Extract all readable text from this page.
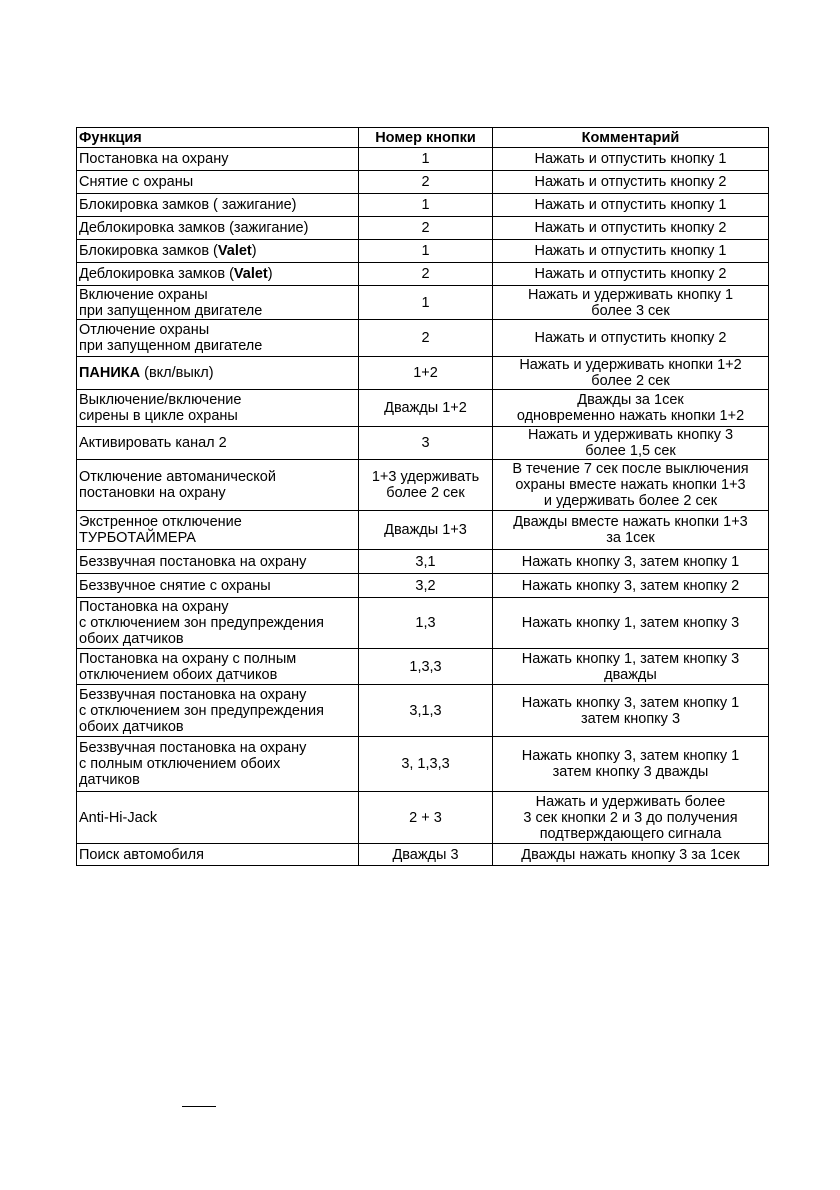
Функция	Номер кнопки	Комментарий

Постановка на охрану	1	Нажать и отпустить кнопку 1

Снятие с охраны	2	Нажать и отпустить кнопку 2

Блокировка замков ( зажигание)	1	Нажать и отпустить кнопку 1

Деблокировка замков (зажигание)	2	Нажать и отпустить кнопку 2

Блокировка замков (Valet)	1	Нажать и отпустить кнопку 1

Деблокировка замков (Valet)	2	Нажать и отпустить кнопку 2

Включение охраны
при запущенном двигателе	1	Нажать и удерживать кнопку 1
более 3 сек

Отлючение охраны
при запущенном двигателе	2	Нажать и отпустить кнопку 2

ПАНИКА (вкл/выкл)	1+2	Нажать и удерживать кнопки 1+2
более 2 сек

Выключение/включение
сирены в цикле охраны	Дважды 1+2	Дважды за 1сек
одновременно нажать кнопки 1+2

Активировать канал 2	3	Нажать и удерживать кнопку 3
более 1,5 сек

Отключение автоманической
постановки на охрану	1+3 удерживать
более 2 сек	В течение 7 сек после выключения
охраны вместе нажать кнопки 1+3
и удерживать более 2 сек

Экстренное отключение
ТУРБОТАЙМЕРА	Дважды 1+3	Дважды вместе нажать кнопки 1+3
за 1сек

Беззвучная постановка на охрану	3,1	Нажать кнопку 3, затем кнопку 1

Беззвучное снятие с охраны	3,2	Нажать кнопку 3, затем кнопку 2

Постановка на охрану
с отключением зон предупреждения
обоих датчиков	1,3	Нажать кнопку 1, затем кнопку 3

Постановка на охрану с полным
отключением обоих датчиков	1,3,3	Нажать кнопку 1, затем кнопку 3
дважды

Беззвучная постановка на охрану
с отключением зон предупреждения
обоих датчиков	3,1,3	Нажать кнопку 3, затем кнопку 1
затем кнопку 3

Беззвучная постановка на охрану
с полным отключением обоих
датчиков	3, 1,3,3	Нажать кнопку 3, затем кнопку 1
затем кнопку 3 дважды

Anti-Hi-Jack	2 + 3	Нажать и удерживать более
3 сек кнопки 2 и 3 до получения
подтверждающего сигнала

Поиск автомобиля	Дважды 3	Дважды нажать кнопку 3 за 1сек
